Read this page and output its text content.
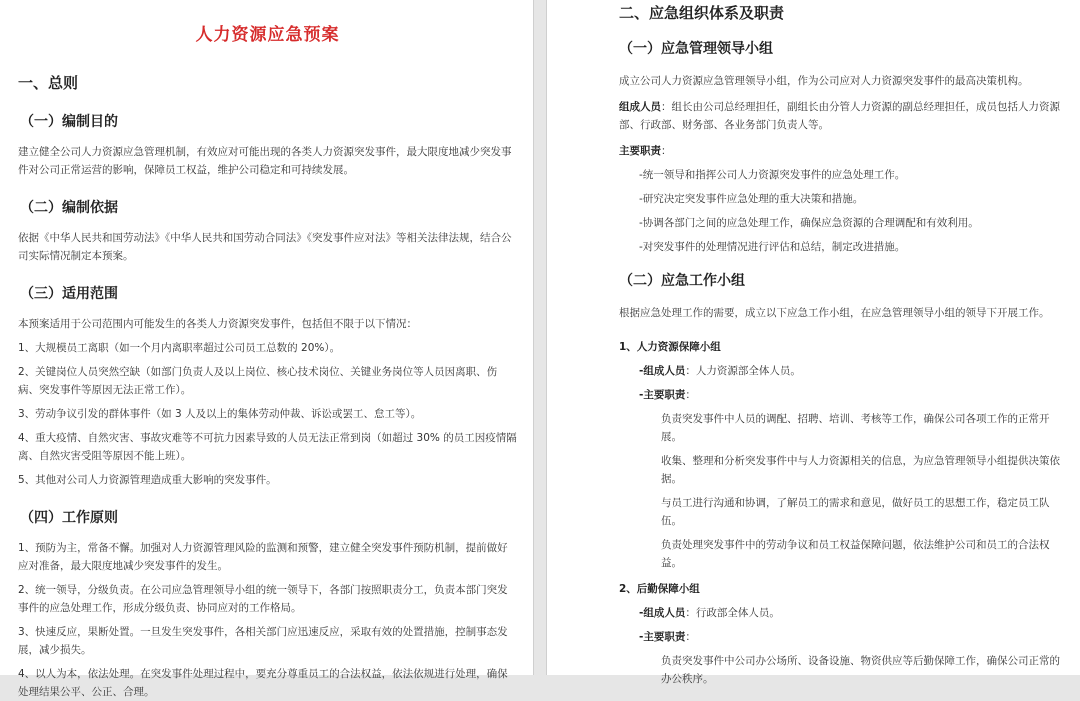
人力资源应急预案
一、总则
（一）编制目的

建立健全公司人力资源应急管理机制，有效应对可能出现的各类人力资源突发事件，最大限度地减少突发事件对公司正常运营的影响，保障员工权益，维护公司稳定和可持续发展。

（二）编制依据

依据《中华人民共和国劳动法》《中华人民共和国劳动合同法》《突发事件应对法》等相关法律法规，结合公司实际情况制定本预案。

（三）适用范围

本预案适用于公司范围内可能发生的各类人力资源突发事件，包括但不限于以下情况：

1、大规模员工离职（如一个月内离职率超过公司员工总数的 20%）。

2、关键岗位人员突然空缺（如部门负责人及以上岗位、核心技术岗位、关键业务岗位等人员因离职、伤病、突发事件等原因无法正常工作）。

3、劳动争议引发的群体事件（如 3 人及以上的集体劳动仲裁、诉讼或罢工、怠工等）。

4、重大疫情、自然灾害、事故灾难等不可抗力因素导致的人员无法正常到岗（如超过 30% 的员工因疫情隔离、自然灾害受阻等原因不能上班）。

5、其他对公司人力资源管理造成重大影响的突发事件。

（四）工作原则

1、预防为主，常备不懈。加强对人力资源管理风险的监测和预警，建立健全突发事件预防机制，提前做好应对准备，最大限度地减少突发事件的发生。

2、统一领导，分级负责。在公司应急管理领导小组的统一领导下，各部门按照职责分工，负责本部门突发事件的应急处理工作，形成分级负责、协同应对的工作格局。

3、快速反应，果断处置。一旦发生突发事件，各相关部门应迅速反应，采取有效的处置措施，控制事态发展，减少损失。

4、以人为本，依法处理。在突发事件处理过程中，要充分尊重员工的合法权益，依法依规进行处理，确保处理结果公平、公正、合理。

二、应急组织体系及职责
（一）应急管理领导小组

成立公司人力资源应急管理领导小组，作为公司应对人力资源突发事件的最高决策机构。

组成人员：组长由公司总经理担任，副组长由分管人力资源的副总经理担任，成员包括人力资源部、行政部、财务部、各业务部门负责人等。

主要职责：

-统一领导和指挥公司人力资源突发事件的应急处理工作。

-研究决定突发事件应急处理的重大决策和措施。

-协调各部门之间的应急处理工作，确保应急资源的合理调配和有效利用。

-对突发事件的处理情况进行评估和总结，制定改进措施。

（二）应急工作小组

根据应急处理工作的需要，成立以下应急工作小组，在应急管理领导小组的领导下开展工作。

1、人力资源保障小组

-组成人员：人力资源部全体人员。

-主要职责：

负责突发事件中人员的调配、招聘、培训、考核等工作，确保公司各项工作的正常开展。

收集、整理和分析突发事件中与人力资源相关的信息，为应急管理领导小组提供决策依据。

与员工进行沟通和协调，了解员工的需求和意见，做好员工的思想工作，稳定员工队伍。

负责处理突发事件中的劳动争议和员工权益保障问题，依法维护公司和员工的合法权益。

2、后勤保障小组

-组成人员：行政部全体人员。

-主要职责：

负责突发事件中公司办公场所、设备设施、物资供应等后勤保障工作，确保公司正常的办公秩序。
